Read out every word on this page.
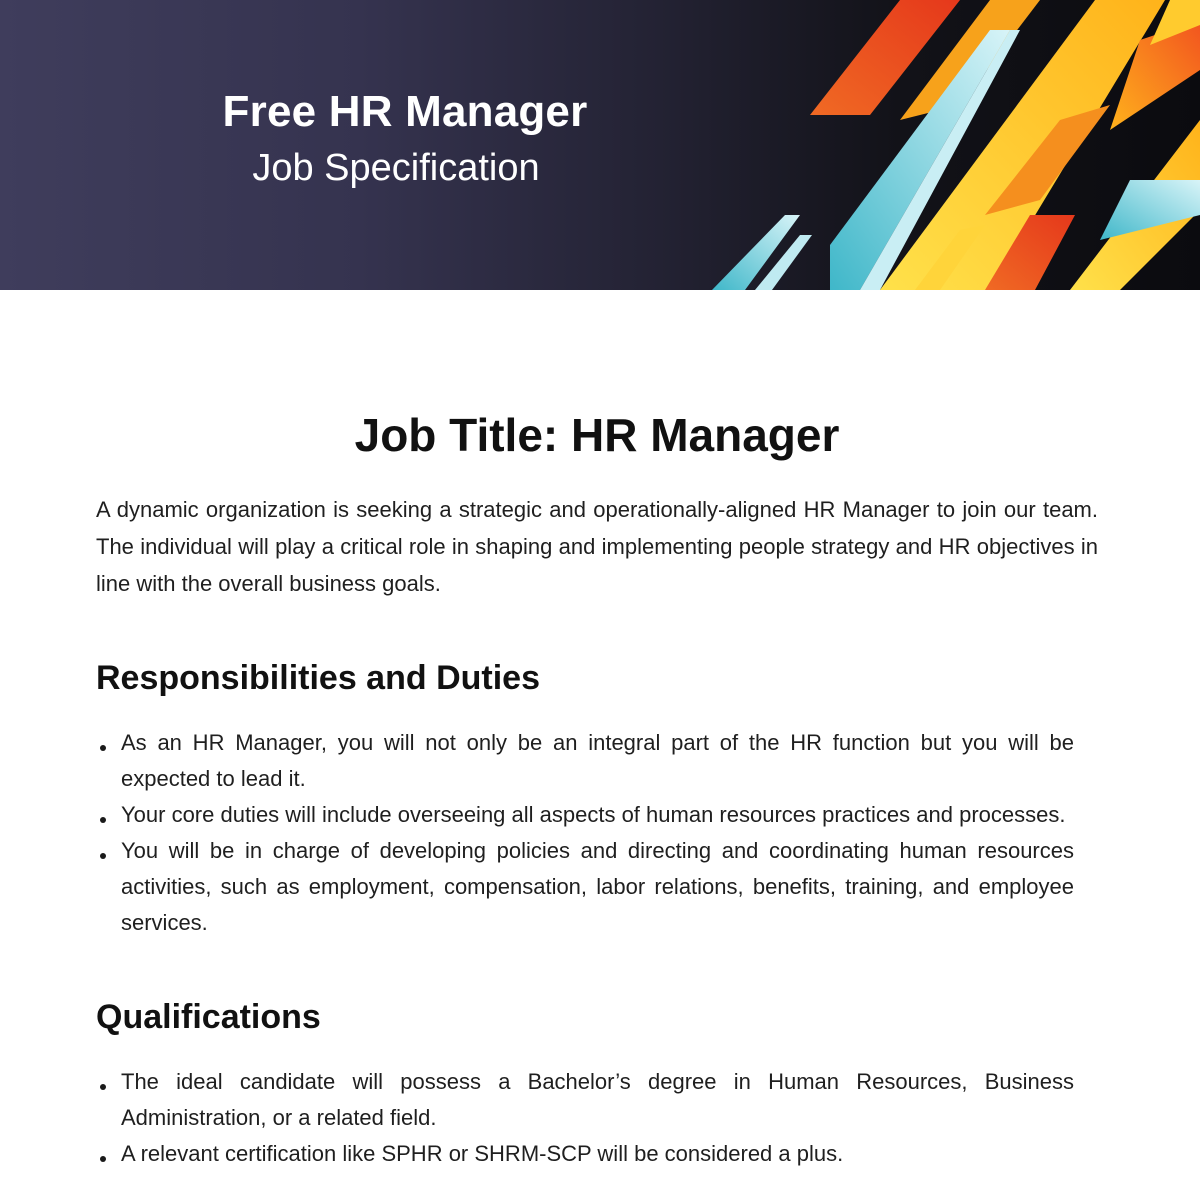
Free HR Manager
Job Specification
Job Title: HR Manager

A dynamic organization is seeking a strategic and operationally-aligned HR Manager to join our team. The individual will play a critical role in shaping and implementing people strategy and HR objectives in line with the overall business goals.

Responsibilities and Duties
As an HR Manager, you will not only be an integral part of the HR function but you will be expected to lead it.
Your core duties will include overseeing all aspects of human resources practices and processes.
You will be in charge of developing policies and directing and coordinating human resources activities, such as employment, compensation, labor relations, benefits, training, and employee services.
Qualifications
The ideal candidate will possess a Bachelor’s degree in Human Resources, Business Administration, or a related field.
A relevant certification like SPHR or SHRM-SCP will be considered a plus.
